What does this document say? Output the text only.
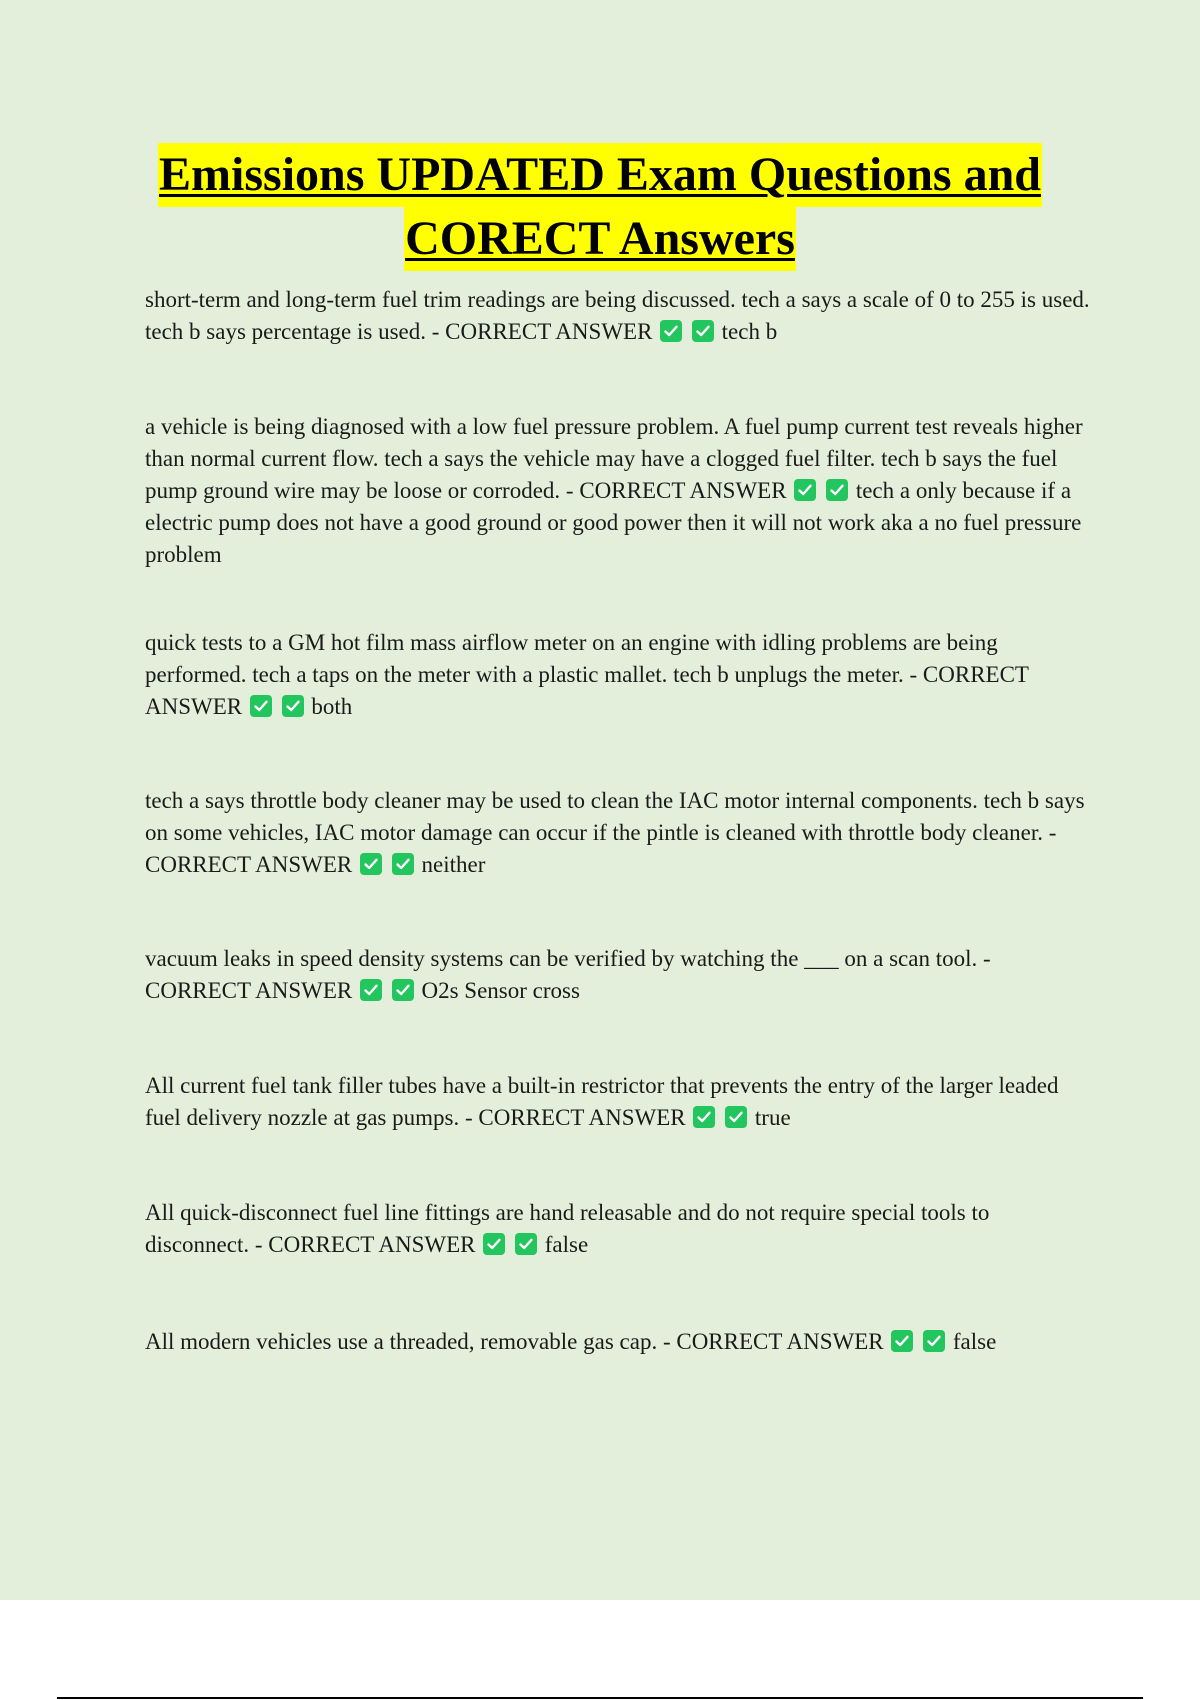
Emissions UPDATED Exam Questions and
CORECT Answers

short-term and long-term fuel trim readings are being discussed. tech a says a scale of 0 to 255 is used. tech b says percentage is used. - CORRECT ANSWER
	tech b

a vehicle is being diagnosed with a low fuel pressure problem. A fuel pump current test reveals higher than normal current flow. tech a says the vehicle may have a clogged fuel filter. tech b says the fuel pump ground wire may be loose or corroded. - CORRECT ANSWER
	tech a only because if a electric pump does not have a good ground or good power then it will not work aka a no fuel pressure problem

quick tests to a GM hot film mass airflow meter on an engine with idling problems are being performed. tech a taps on the meter with a plastic mallet. tech b unplugs the meter. - CORRECT ANSWER
	both

tech a says throttle body cleaner may be used to clean the IAC motor internal components. tech b says on some vehicles, IAC motor damage can occur if the pintle is cleaned with throttle body cleaner. - CORRECT ANSWER
	neither

vacuum leaks in speed density systems can be verified by watching the ___ on a scan tool. - CORRECT ANSWER
	O2s Sensor cross

All current fuel tank filler tubes have a built-in restrictor that prevents the entry of the larger leaded fuel delivery nozzle at gas pumps. - CORRECT ANSWER
	true

All quick-disconnect fuel line fittings are hand releasable and do not require special tools to disconnect. - CORRECT ANSWER
	false

All modern vehicles use a threaded, removable gas cap. - CORRECT ANSWER
	false
